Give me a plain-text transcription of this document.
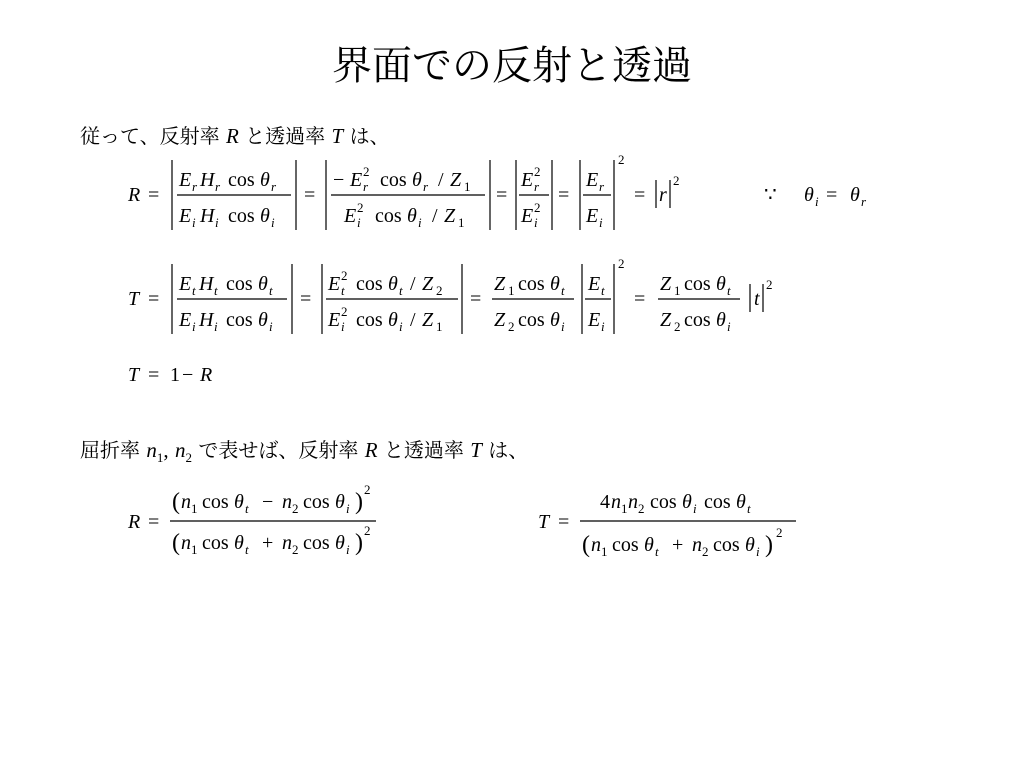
界面での反射と透過
従って、反射率 R と透過率 T は、
R =
E r H r cos θ r
E i H i cos θ i
=
− E 2
r cos θ r / Z 1
E 2
i cos θ i / Z 1
=
E 2
r
E 2
i
=
E r
E i
2
= r
2
∵ θ i = θ r
T =
E t H t cos θ t
E i H i cos θ i
=
E 2
t cos θ t / Z 2
E 2
i cos θ i / Z 1
=
Z 1 cos θ t
Z 2 cos θ i
E t
E i
2
=
Z 1 cos θ t
Z 2 cos θ i
t
2
T = 1 − R
屈折率 $n_1$, $n_2$ で表せば、反射率 R と透過率 T は、
R =
( n 1 cos θ t − n 2 cos θ i ) 2
( n 1 cos θ t + n 2 cos θ i ) 2	T =
4 n 1 n 2 cos θ i cos θ t
( n 1 cos θ t + n 2 cos θ i ) 2
